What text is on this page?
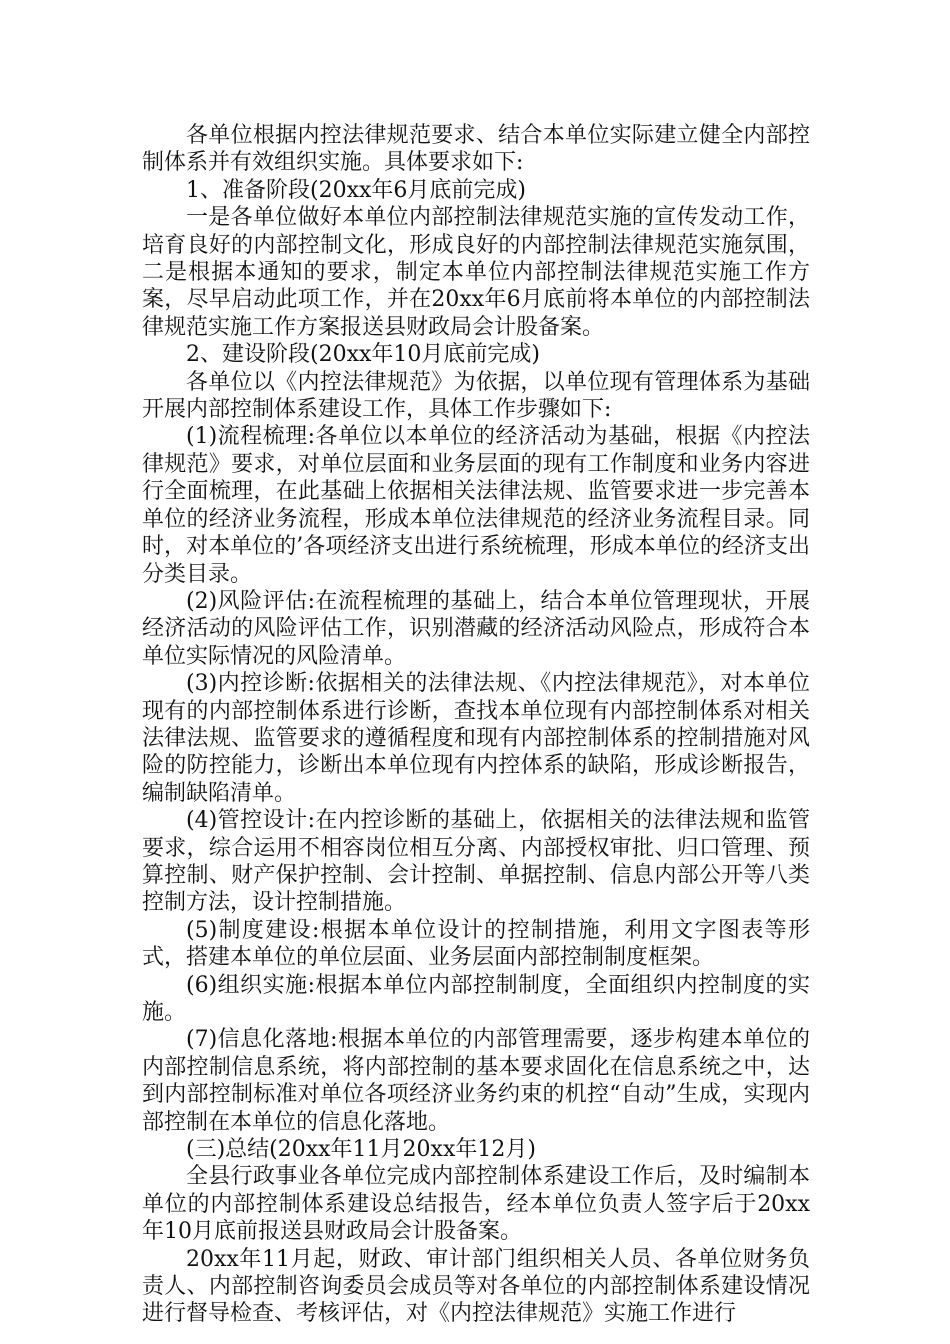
各单位根据内控法律规范要求、结合本单位实际建立健全内部控制体系并有效组织实施。具体要求如下:

1、准备阶段(20xx年6月底前完成)

一是各单位做好本单位内部控制法律规范实施的宣传发动工作，培育良好的内部控制文化，形成良好的内部控制法律规范实施氛围，二是根据本通知的要求，制定本单位内部控制法律规范实施工作方案，尽早启动此项工作，并在20xx年6月底前将本单位的内部控制法律规范实施工作方案报送县财政局会计股备案。

2、建设阶段(20xx年10月底前完成)

各单位以《内控法律规范》为依据，以单位现有管理体系为基础开展内部控制体系建设工作，具体工作步骤如下:

(1)流程梳理:各单位以本单位的经济活动为基础，根据《内控法律规范》要求，对单位层面和业务层面的现有工作制度和业务内容进行全面梳理，在此基础上依据相关法律法规、监管要求进一步完善本单位的经济业务流程，形成本单位法律规范的经济业务流程目录。同时，对本单位的’各项经济支出进行系统梳理，形成本单位的经济支出分类目录。

(2)风险评估:在流程梳理的基础上，结合本单位管理现状，开展经济活动的风险评估工作，识别潜藏的经济活动风险点，形成符合本单位实际情况的风险清单。

(3)内控诊断:依据相关的法律法规、《内控法律规范》，对本单位现有的内部控制体系进行诊断，查找本单位现有内部控制体系对相关法律法规、监管要求的遵循程度和现有内部控制体系的控制措施对风险的防控能力，诊断出本单位现有内控体系的缺陷，形成诊断报告，编制缺陷清单。

(4)管控设计:在内控诊断的基础上，依据相关的法律法规和监管要求，综合运用不相容岗位相互分离、内部授权审批、归口管理、预算控制、财产保护控制、会计控制、单据控制、信息内部公开等八类控制方法，设计控制措施。

(5)制度建设:根据本单位设计的控制措施，利用文字图表等形式，搭建本单位的单位层面、业务层面内部控制制度框架。

(6)组织实施:根据本单位内部控制制度，全面组织内控制度的实施。

(7)信息化落地:根据本单位的内部管理需要，逐步构建本单位的内部控制信息系统，将内部控制的基本要求固化在信息系统之中，达到内部控制标准对单位各项经济业务约束的机控“自动”生成，实现内部控制在本单位的信息化落地。

(三)总结(20xx年11月20xx年12月)

全县行政事业各单位完成内部控制体系建设工作后，及时编制本单位的内部控制体系建设总结报告，经本单位负责人签字后于20xx年10月底前报送县财政局会计股备案。

20xx年11月起，财政、审计部门组织相关人员、各单位财务负责人、内部控制咨询委员会成员等对各单位的内部控制体系建设情况进行督导检查、考核评估，对《内控法律规范》实施工作进行
